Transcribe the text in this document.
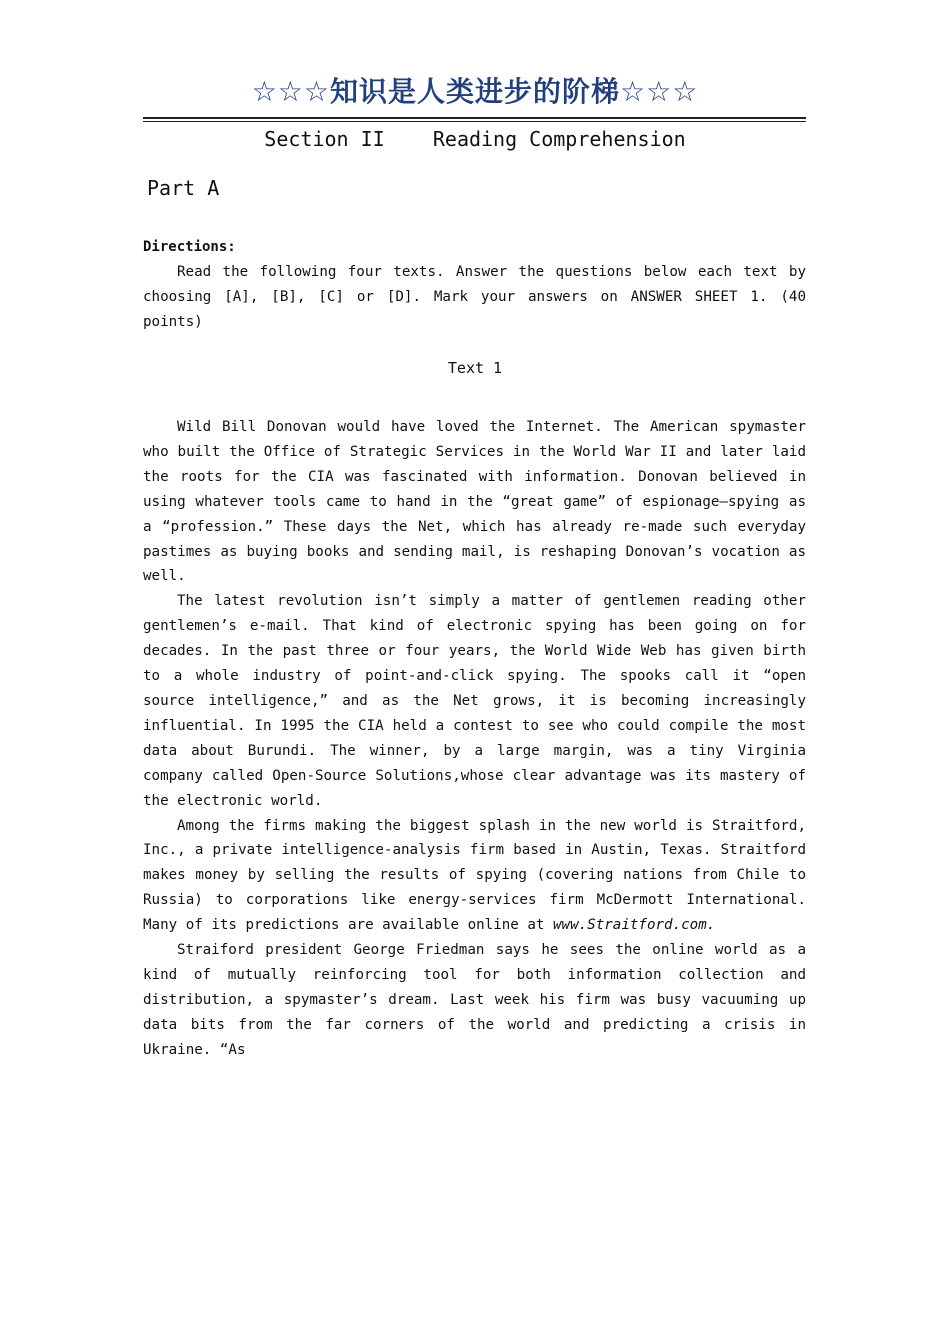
☆☆☆知识是人类进步的阶梯☆☆☆
Section II    Reading Comprehension
Part A
Directions:

Read the following four texts. Answer the questions below each text by choosing [A], [B], [C] or [D]. Mark your answers on ANSWER SHEET 1. (40 points)

Text 1

Wild Bill Donovan would have loved the Internet. The American spymaster who built the Office of Strategic Services in the World War II and later laid the roots for the CIA was fascinated with information. Donovan believed in using whatever tools came to hand in the “great game” of espionage—spying as a “profession.” These days the Net, which has already re-made such everyday pastimes as buying books and sending mail, is reshaping Donovan’s vocation as well.

The latest revolution isn’t simply a matter of gentlemen reading other gentlemen’s e-mail. That kind of electronic spying has been going on for decades. In the past three or four years, the World Wide Web has given birth to a whole industry of point-and-click spying. The spooks call it “open source intelligence,” and as the Net grows, it is becoming increasingly influential. In 1995 the CIA held a contest to see who could compile the most data about Burundi. The winner, by a large margin, was a tiny Virginia company called Open-Source Solutions,whose clear advantage was its mastery of the electronic world.

Among the firms making the biggest splash in the new world is Straitford, Inc., a private intelligence-analysis firm based in Austin, Texas. Straitford makes money by selling the results of spying (covering nations from Chile to Russia) to corporations like energy-services firm McDermott International. Many of its predictions are available online at www.Straitford.com.

Straiford president George Friedman says he sees the online world as a kind of mutually reinforcing tool for both information collection and distribution, a spymaster’s dream. Last week his firm was busy vacuuming up data bits from the far corners of the world and predicting a crisis in Ukraine. “As
